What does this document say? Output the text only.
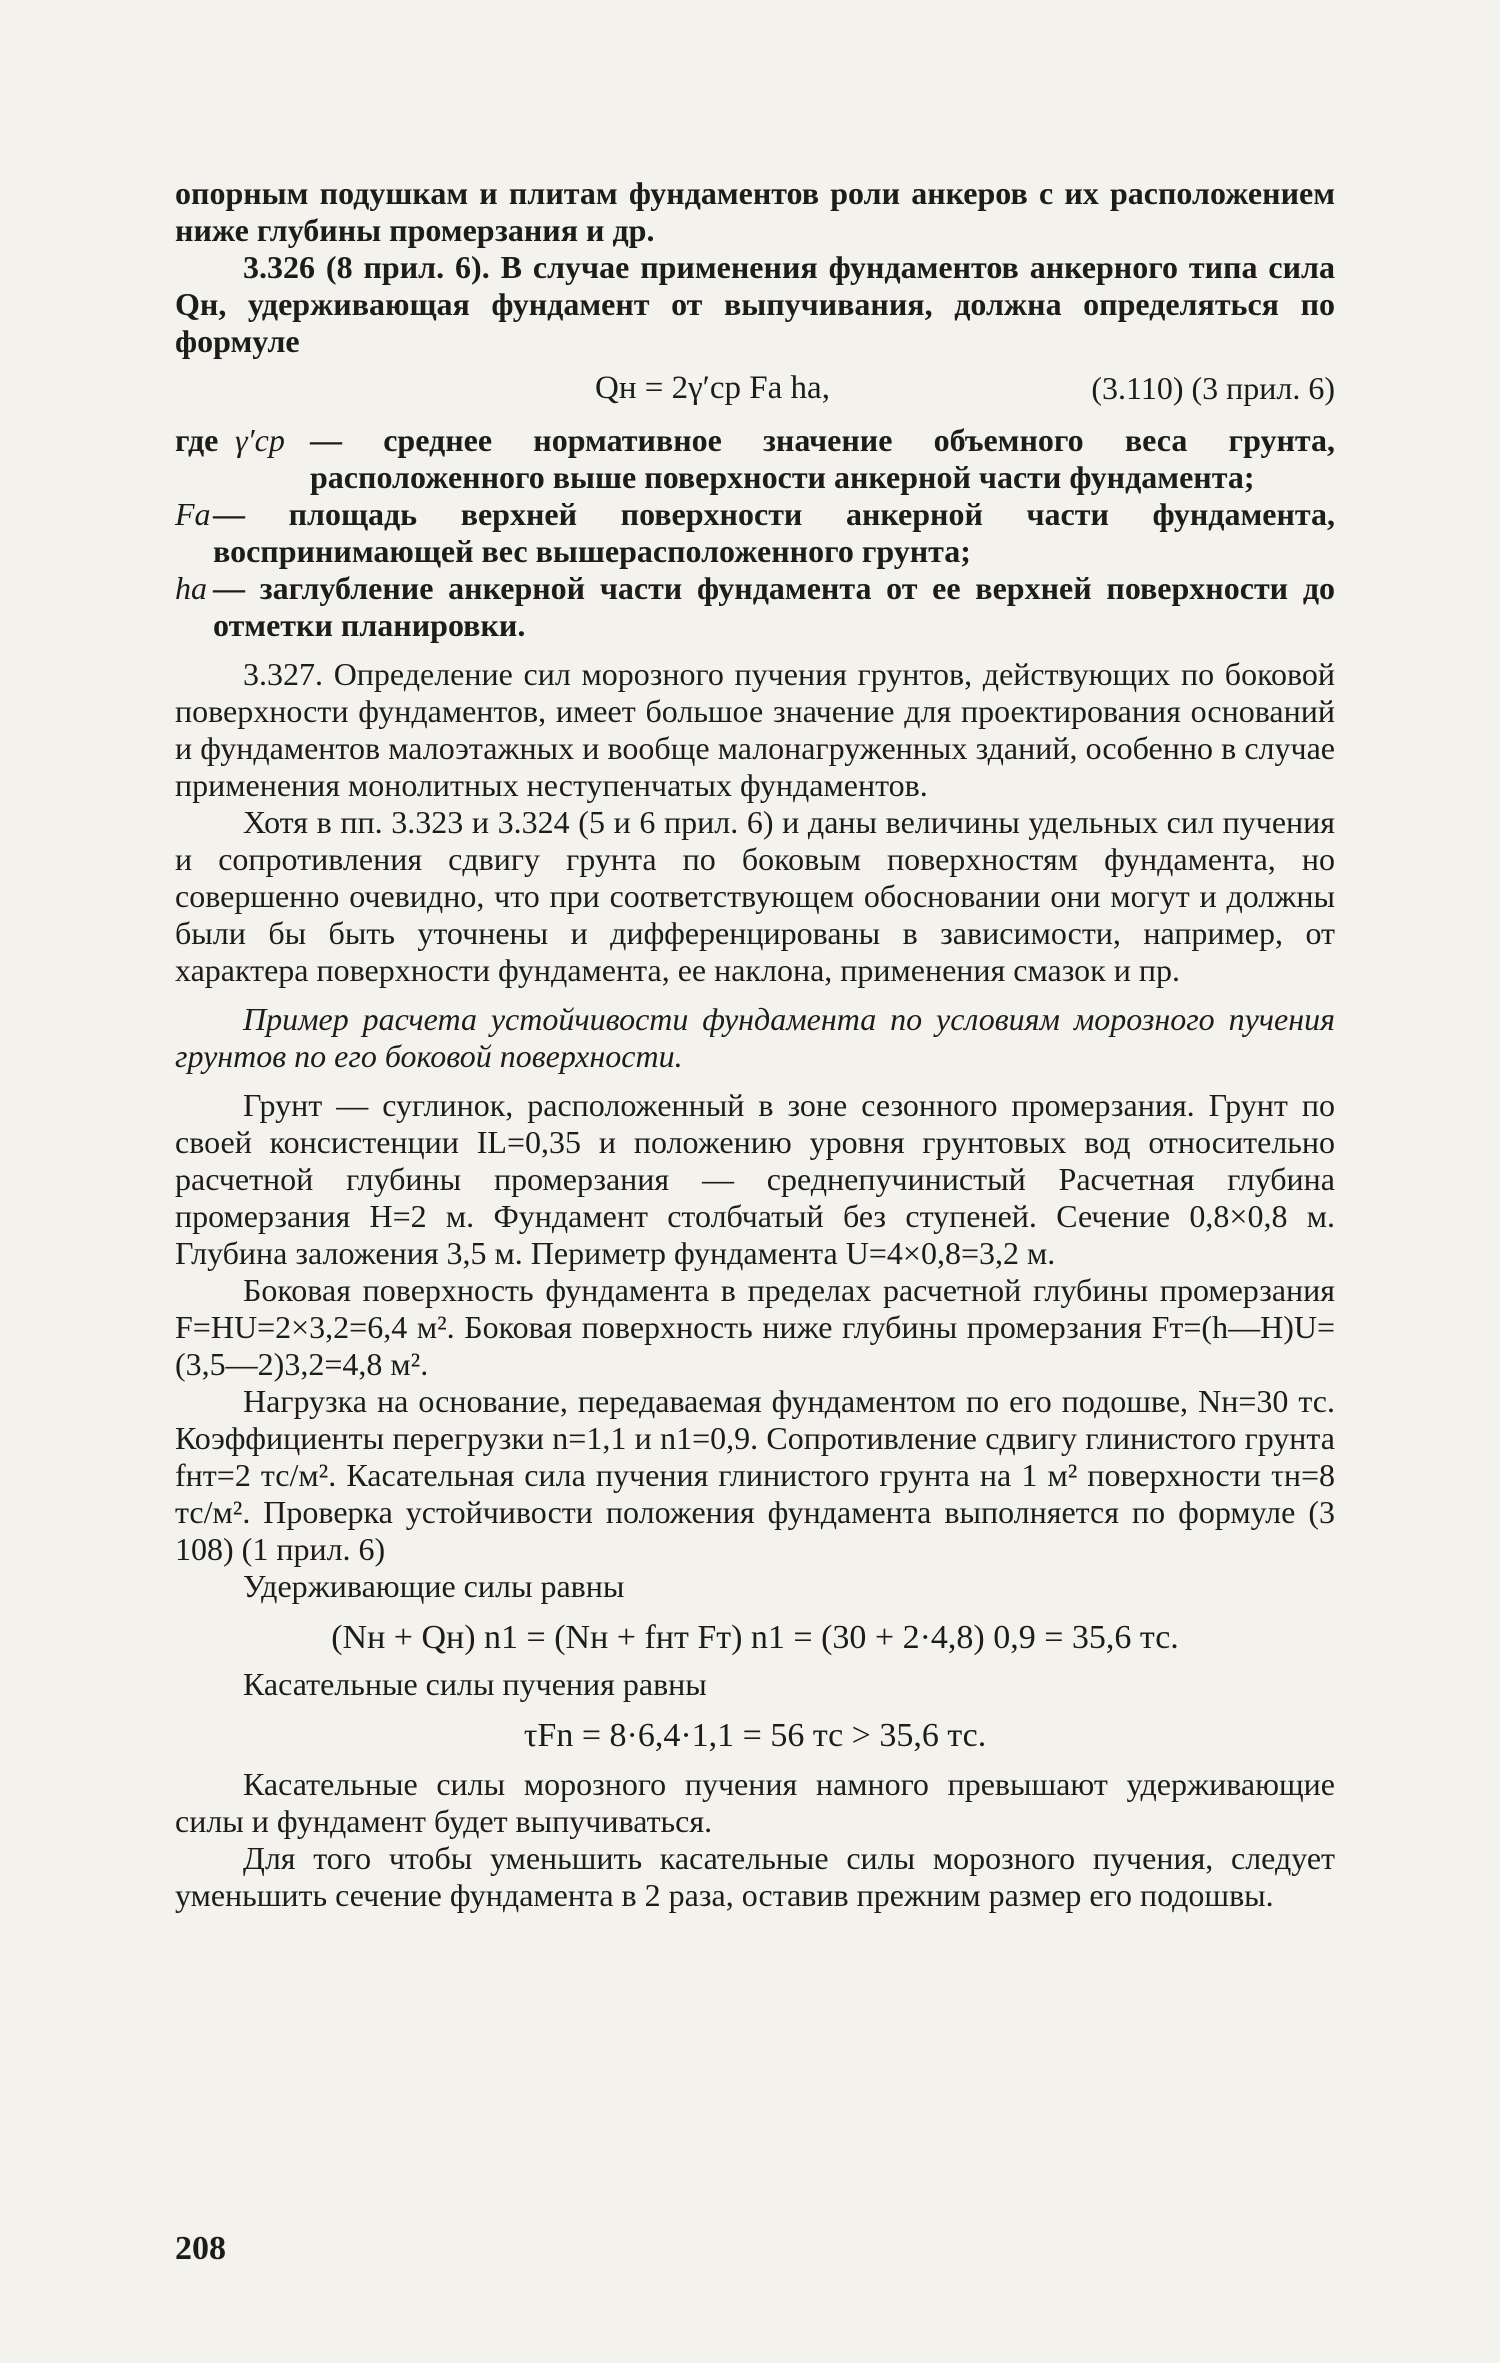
опорным подушкам и плитам фундаментов роли анкеров с их расположением ниже глубины промерзания и др.

3.326 (8 прил. 6). В случае применения фундаментов анкерного типа сила Qн, удерживающая фундамент от выпучивания, должна определяться по формуле

Qн = 2γ′ср Fа hа,	(3.110) (3 прил. 6)
где γ′ср — среднее нормативное значение объемного веса грунта, расположенного выше поверхности анкерной части фундамента;
Fа — площадь верхней поверхности анкерной части фундамента, воспринимающей вес вышерасположенного грунта;
hа — заглубление анкерной части фундамента от ее верхней поверхности до отметки планировки.

3.327. Определение сил морозного пучения грунтов, действующих по боковой поверхности фундаментов, имеет большое значение для проектирования оснований и фундаментов малоэтажных и вообще малонагруженных зданий, особенно в случае применения монолитных неступенчатых фундаментов.

Хотя в пп. 3.323 и 3.324 (5 и 6 прил. 6) и даны величины удельных сил пучения и сопротивления сдвигу грунта по боковым поверхностям фундамента, но совершенно очевидно, что при соответствующем обосновании они могут и должны были бы быть уточнены и дифференцированы в зависимости, например, от характера поверхности фундамента, ее наклона, применения смазок и пр.

Пример расчета устойчивости фундамента по условиям морозного пучения грунтов по его боковой поверхности.

Грунт — суглинок, расположенный в зоне сезонного промерзания. Грунт по своей консистенции IL=0,35 и положению уровня грунтовых вод относительно расчетной глубины промерзания — среднепучинистый Расчетная глубина промерзания H=2 м. Фундамент столбчатый без ступеней. Сечение 0,8×0,8 м. Глубина заложения 3,5 м. Периметр фундамента U=4×0,8=3,2 м.

Боковая поверхность фундамента в пределах расчетной глубины промерзания F=HU=2×3,2=6,4 м². Боковая поверхность ниже глубины промерзания Fт=(h—H)U=(3,5—2)3,2=4,8 м².

Нагрузка на основание, передаваемая фундаментом по его подошве, Nн=30 тс. Коэффициенты перегрузки n=1,1 и n1=0,9. Сопротивление сдвигу глинистого грунта fнт=2 тс/м². Касательная сила пучения глинистого грунта на 1 м² поверхности τн=8 тс/м². Проверка устойчивости положения фундамента выполняется по формуле (3 108) (1 прил. 6)

Удерживающие силы равны

(Nн + Qн) n1 = (Nн + fнт Fт) n1 = (30 + 2·4,8) 0,9 = 35,6 тс.

Касательные силы пучения равны

τFn = 8·6,4·1,1 = 56 тс > 35,6 тс.

Касательные силы морозного пучения намного превышают удерживающие силы и фундамент будет выпучиваться.

Для того чтобы уменьшить касательные силы морозного пучения, следует уменьшить сечение фундамента в 2 раза, оставив прежним размер его подошвы.

208
